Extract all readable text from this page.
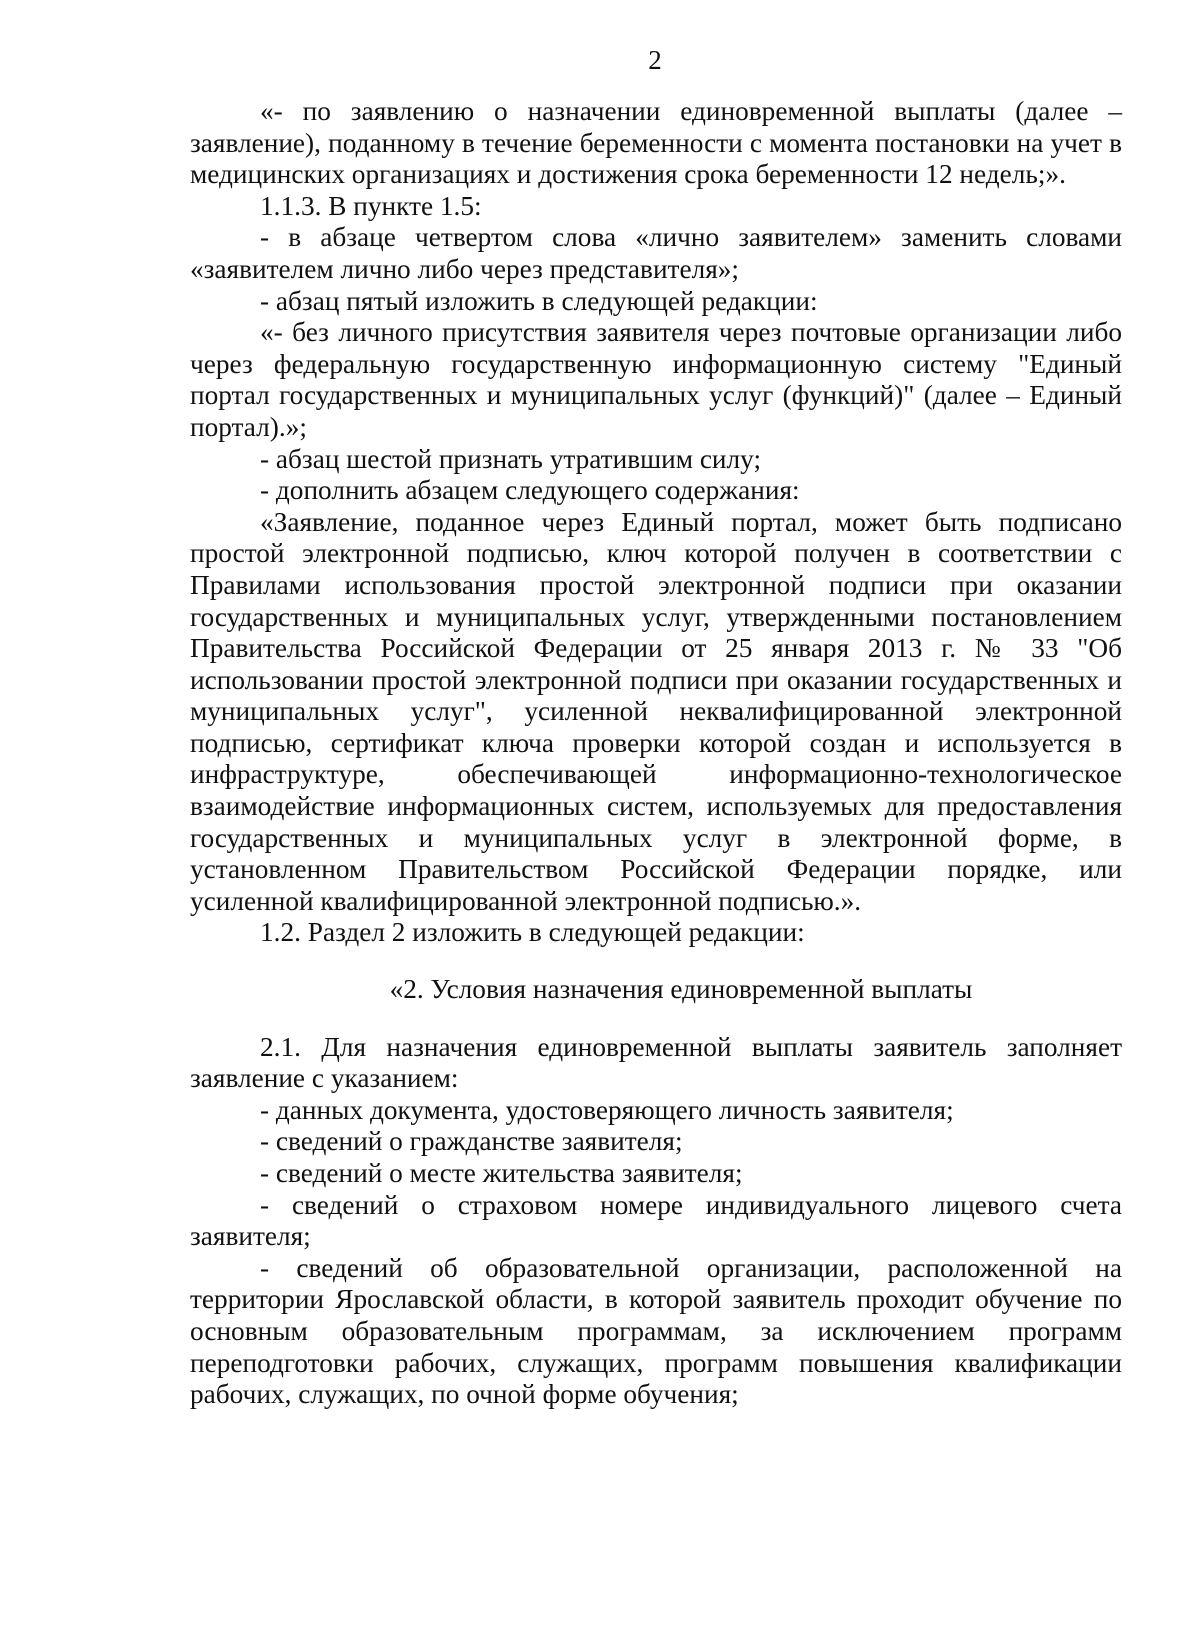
2

«- по заявлению о назначении единовременной выплаты (далее – заявление), поданному в течение беременности с момента постановки на учет в медицинских организациях и достижения срока беременности 12 недель;».

1.1.3. В пункте 1.5:

- в абзаце четвертом слова «лично заявителем» заменить словами «заявителем лично либо через представителя»;

- абзац пятый изложить в следующей редакции:

«- без личного присутствия заявителя через почтовые организации либо через федеральную государственную информационную систему "Единый портал государственных и муниципальных услуг (функций)" (далее – Единый портал).»;

- абзац шестой признать утратившим силу;

- дополнить абзацем следующего содержания:

«Заявление, поданное через Единый портал, может быть подписано простой электронной подписью, ключ которой получен в соответствии с Правилами использования простой электронной подписи при оказании государственных и муниципальных услуг, утвержденными постановлением Правительства Российской Федерации от 25 января 2013 г. № 33 "Об использовании простой электронной подписи при оказании государственных и муниципальных услуг", усиленной неквалифицированной электронной подписью, сертификат ключа проверки которой создан и используется в инфраструктуре, обеспечивающей информационно-технологическое взаимодействие информационных систем, используемых для предоставления государственных и муниципальных услуг в электронной форме, в установленном Правительством Российской Федерации порядке, или усиленной квалифицированной электронной подписью.».

1.2. Раздел 2 изложить в следующей редакции:

«2. Условия назначения единовременной выплаты

2.1. Для назначения единовременной выплаты заявитель заполняет заявление с указанием:

- данных документа, удостоверяющего личность заявителя;

- сведений о гражданстве заявителя;

- сведений о месте жительства заявителя;

- сведений о страховом номере индивидуального лицевого счета заявителя;

- сведений об образовательной организации, расположенной на территории Ярославской области, в которой заявитель проходит обучение по основным образовательным программам, за исключением программ переподготовки рабочих, служащих, программ повышения квалификации рабочих, служащих, по очной форме обучения;
